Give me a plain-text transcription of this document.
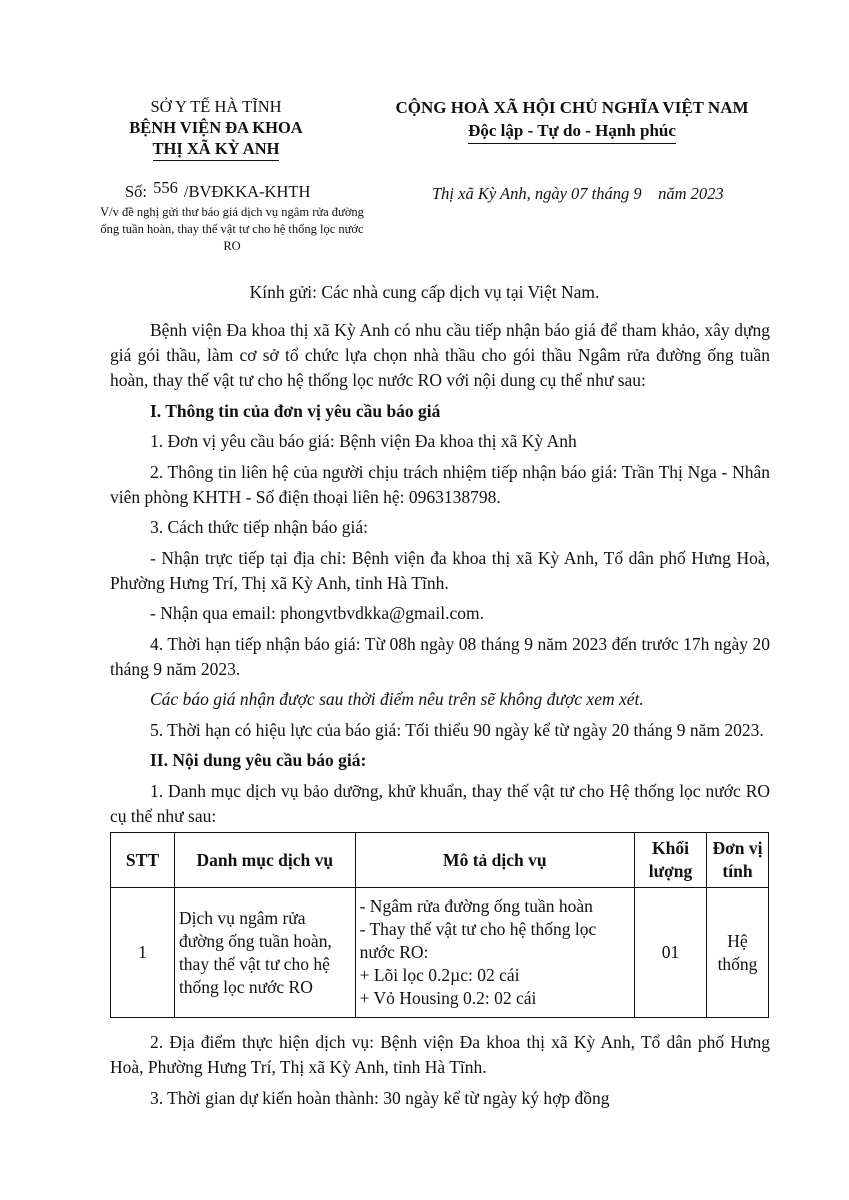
SỞ Y TẾ HÀ TĨNH
BỆNH VIỆN ĐA KHOA
THỊ XÃ KỲ ANH
CỘNG HOÀ XÃ HỘI CHỦ NGHĨA VIỆT NAM
Độc lập - Tự do - Hạnh phúc
Số: 556 /BVĐKKA-KHTH
V/v đề nghị gửi thư báo giá dịch vụ ngâm rửa đường ống tuần hoàn, thay thế vật tư cho hệ thống lọc nước RO
Thị xã Kỳ Anh, ngày 07 tháng 9    năm 2023
Kính gửi: Các nhà cung cấp dịch vụ tại Việt Nam.

Bệnh viện Đa khoa thị xã Kỳ Anh có nhu cầu tiếp nhận báo giá để tham khảo, xây dựng giá gói thầu, làm cơ sở tổ chức lựa chọn nhà thầu cho gói thầu Ngâm rửa đường ống tuần hoàn, thay thế vật tư cho hệ thống lọc nước RO với nội dung cụ thể như sau:

I. Thông tin của đơn vị yêu cầu báo giá

1. Đơn vị yêu cầu báo giá: Bệnh viện Đa khoa thị xã Kỳ Anh

2. Thông tin liên hệ của người chịu trách nhiệm tiếp nhận báo giá: Trần Thị Nga - Nhân viên phòng KHTH - Số điện thoại liên hệ: 0963138798.

3. Cách thức tiếp nhận báo giá:

- Nhận trực tiếp tại địa chỉ: Bệnh viện đa khoa thị xã Kỳ Anh, Tổ dân phố Hưng Hoà, Phường Hưng Trí, Thị xã Kỳ Anh, tỉnh Hà Tĩnh.

- Nhận qua email: phongvtbvdkka@gmail.com.

4. Thời hạn tiếp nhận báo giá: Từ 08h ngày 08 tháng 9 năm 2023 đến trước 17h ngày 20 tháng 9 năm 2023.

Các báo giá nhận được sau thời điểm nêu trên sẽ không được xem xét.

5. Thời hạn có hiệu lực của báo giá: Tối thiểu 90 ngày kể từ ngày 20 tháng 9 năm 2023.

II. Nội dung yêu cầu báo giá:

1. Danh mục dịch vụ bảo dưỡng, khử khuẩn, thay thế vật tư cho Hệ thống lọc nước RO cụ thể như sau:

STT	Danh mục dịch vụ	Mô tả dịch vụ	Khối lượng	Đơn vị tính
1	Dịch vụ ngâm rửa đường ống tuần hoàn, thay thế vật tư cho hệ thống lọc nước RO	- Ngâm rửa đường ống tuần hoàn
- Thay thế vật tư cho hệ thống lọc nước RO:
+ Lõi lọc 0.2µc: 02 cái
+ Vỏ Housing 0.2: 02 cái	01	Hệ thống

2. Địa điểm thực hiện dịch vụ: Bệnh viện Đa khoa thị xã Kỳ Anh, Tổ dân phố Hưng Hoà, Phường Hưng Trí, Thị xã Kỳ Anh, tỉnh Hà Tĩnh.

3. Thời gian dự kiến hoàn thành: 30 ngày kể từ ngày ký hợp đồng
